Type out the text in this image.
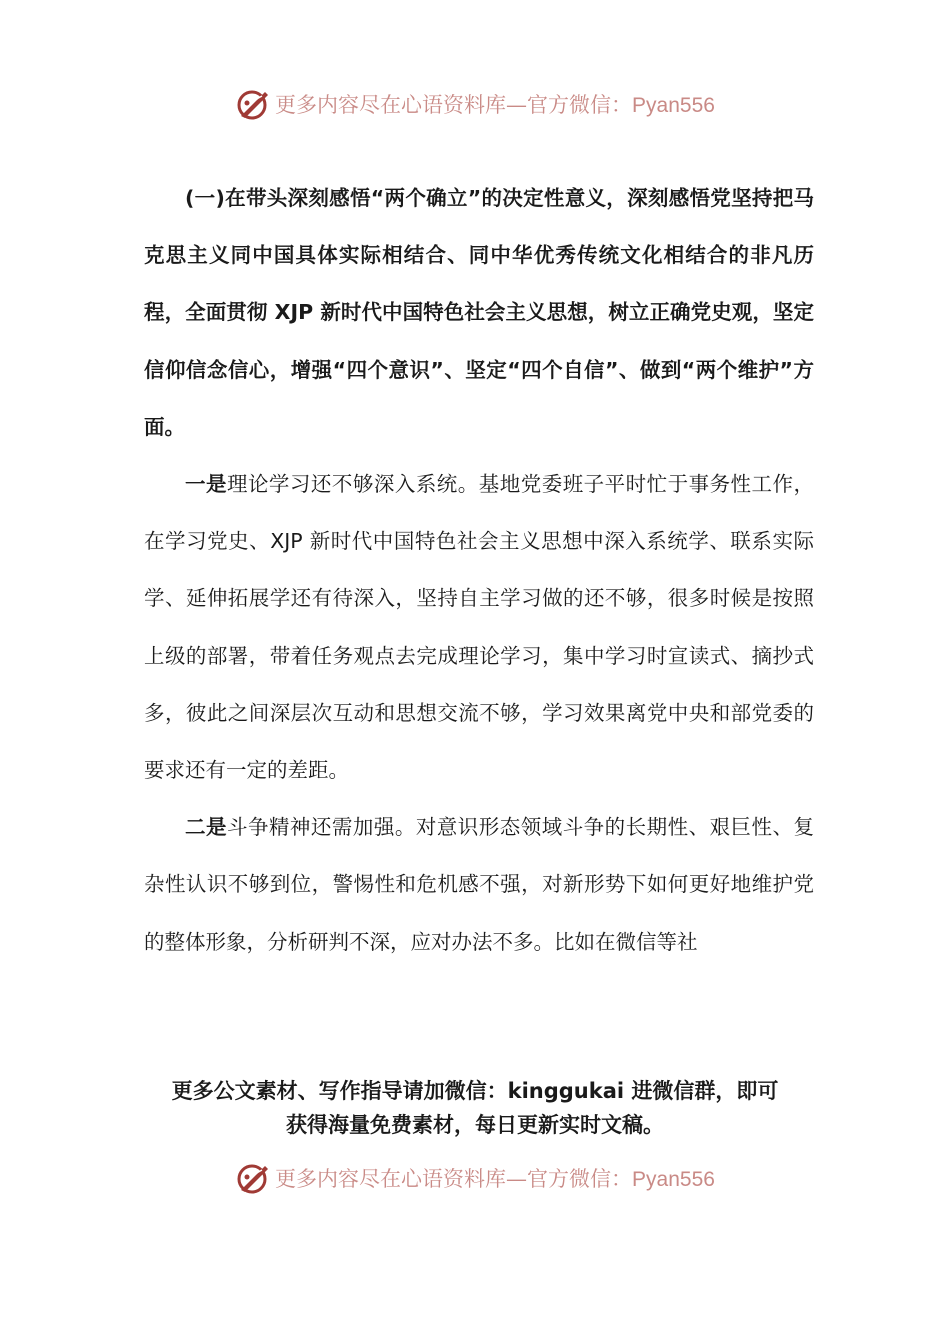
更多内容尽在心语资料库—官方微信：Pyan556

(一)在带头深刻感悟“两个确立”的决定性意义，深刻感悟党坚持把马克思主义同中国具体实际相结合、同中华优秀传统文化相结合的非凡历程，全面贯彻 XJP 新时代中国特色社会主义思想，树立正确党史观，坚定信仰信念信心，增强“四个意识”、坚定“四个自信”、做到“两个维护”方面。

一是理论学习还不够深入系统。基地党委班子平时忙于事务性工作，在学习党史、XJP 新时代中国特色社会主义思想中深入系统学、联系实际学、延伸拓展学还有待深入，坚持自主学习做的还不够，很多时候是按照上级的部署，带着任务观点去完成理论学习，集中学习时宣读式、摘抄式多，彼此之间深层次互动和思想交流不够，学习效果离党中央和部党委的要求还有一定的差距。

二是斗争精神还需加强。对意识形态领域斗争的长期性、艰巨性、复杂性认识不够到位，警惕性和危机感不强，对新形势下如何更好地维护党的整体形象，分析研判不深，应对办法不多。比如在微信等社

更多公文素材、写作指导请加微信：kinggukai 进微信群，即可
获得海量免费素材，每日更新实时文稿。
更多内容尽在心语资料库—官方微信：Pyan556
